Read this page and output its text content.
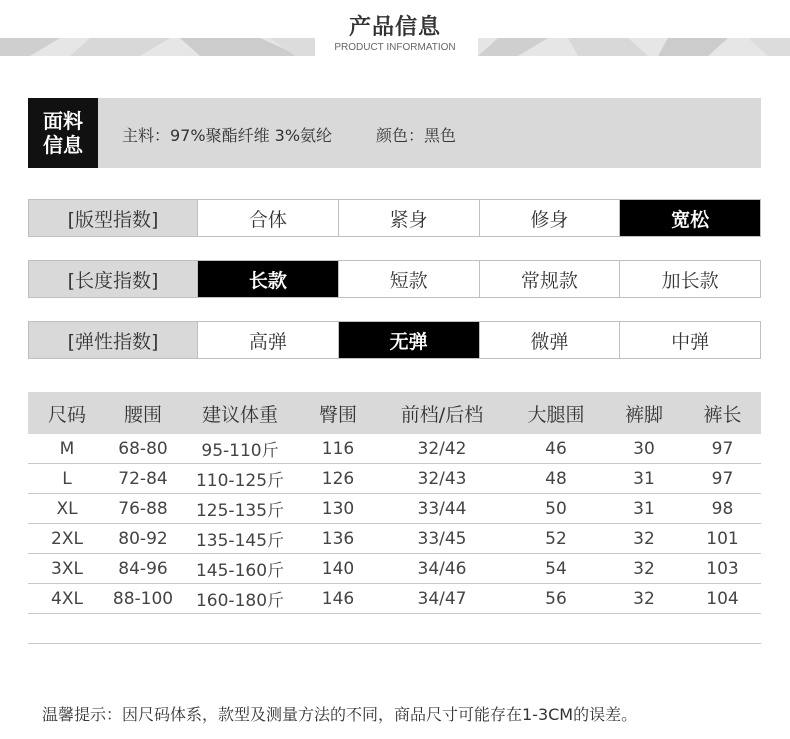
产品信息
PRODUCT INFORMATION
面料
信息 主料：97%聚酯纤维 3%氨纶	颜色：黑色
[版型指数]	合体	紧身	修身	宽松
[长度指数]	长款	短款	常规款	加长款
[弹性指数]	高弹	无弹	微弹	中弹
尺码	腰围	建议体重	臀围	前档/后档	大腿围	裤脚	裤长
M	68-80	95-110斤	116	32/42	46	30	97
L	72-84	110-125斤	126	32/43	48	31	97
XL	76-88	125-135斤	130	33/44	50	31	98
2XL	80-92	135-145斤	136	33/45	52	32	101
3XL	84-96	145-160斤	140	34/46	54	32	103
4XL	88-100	160-180斤	146	34/47	56	32	104

温馨提示：因尺码体系，款型及测量方法的不同，商品尺寸可能存在1-3CM的误差。
